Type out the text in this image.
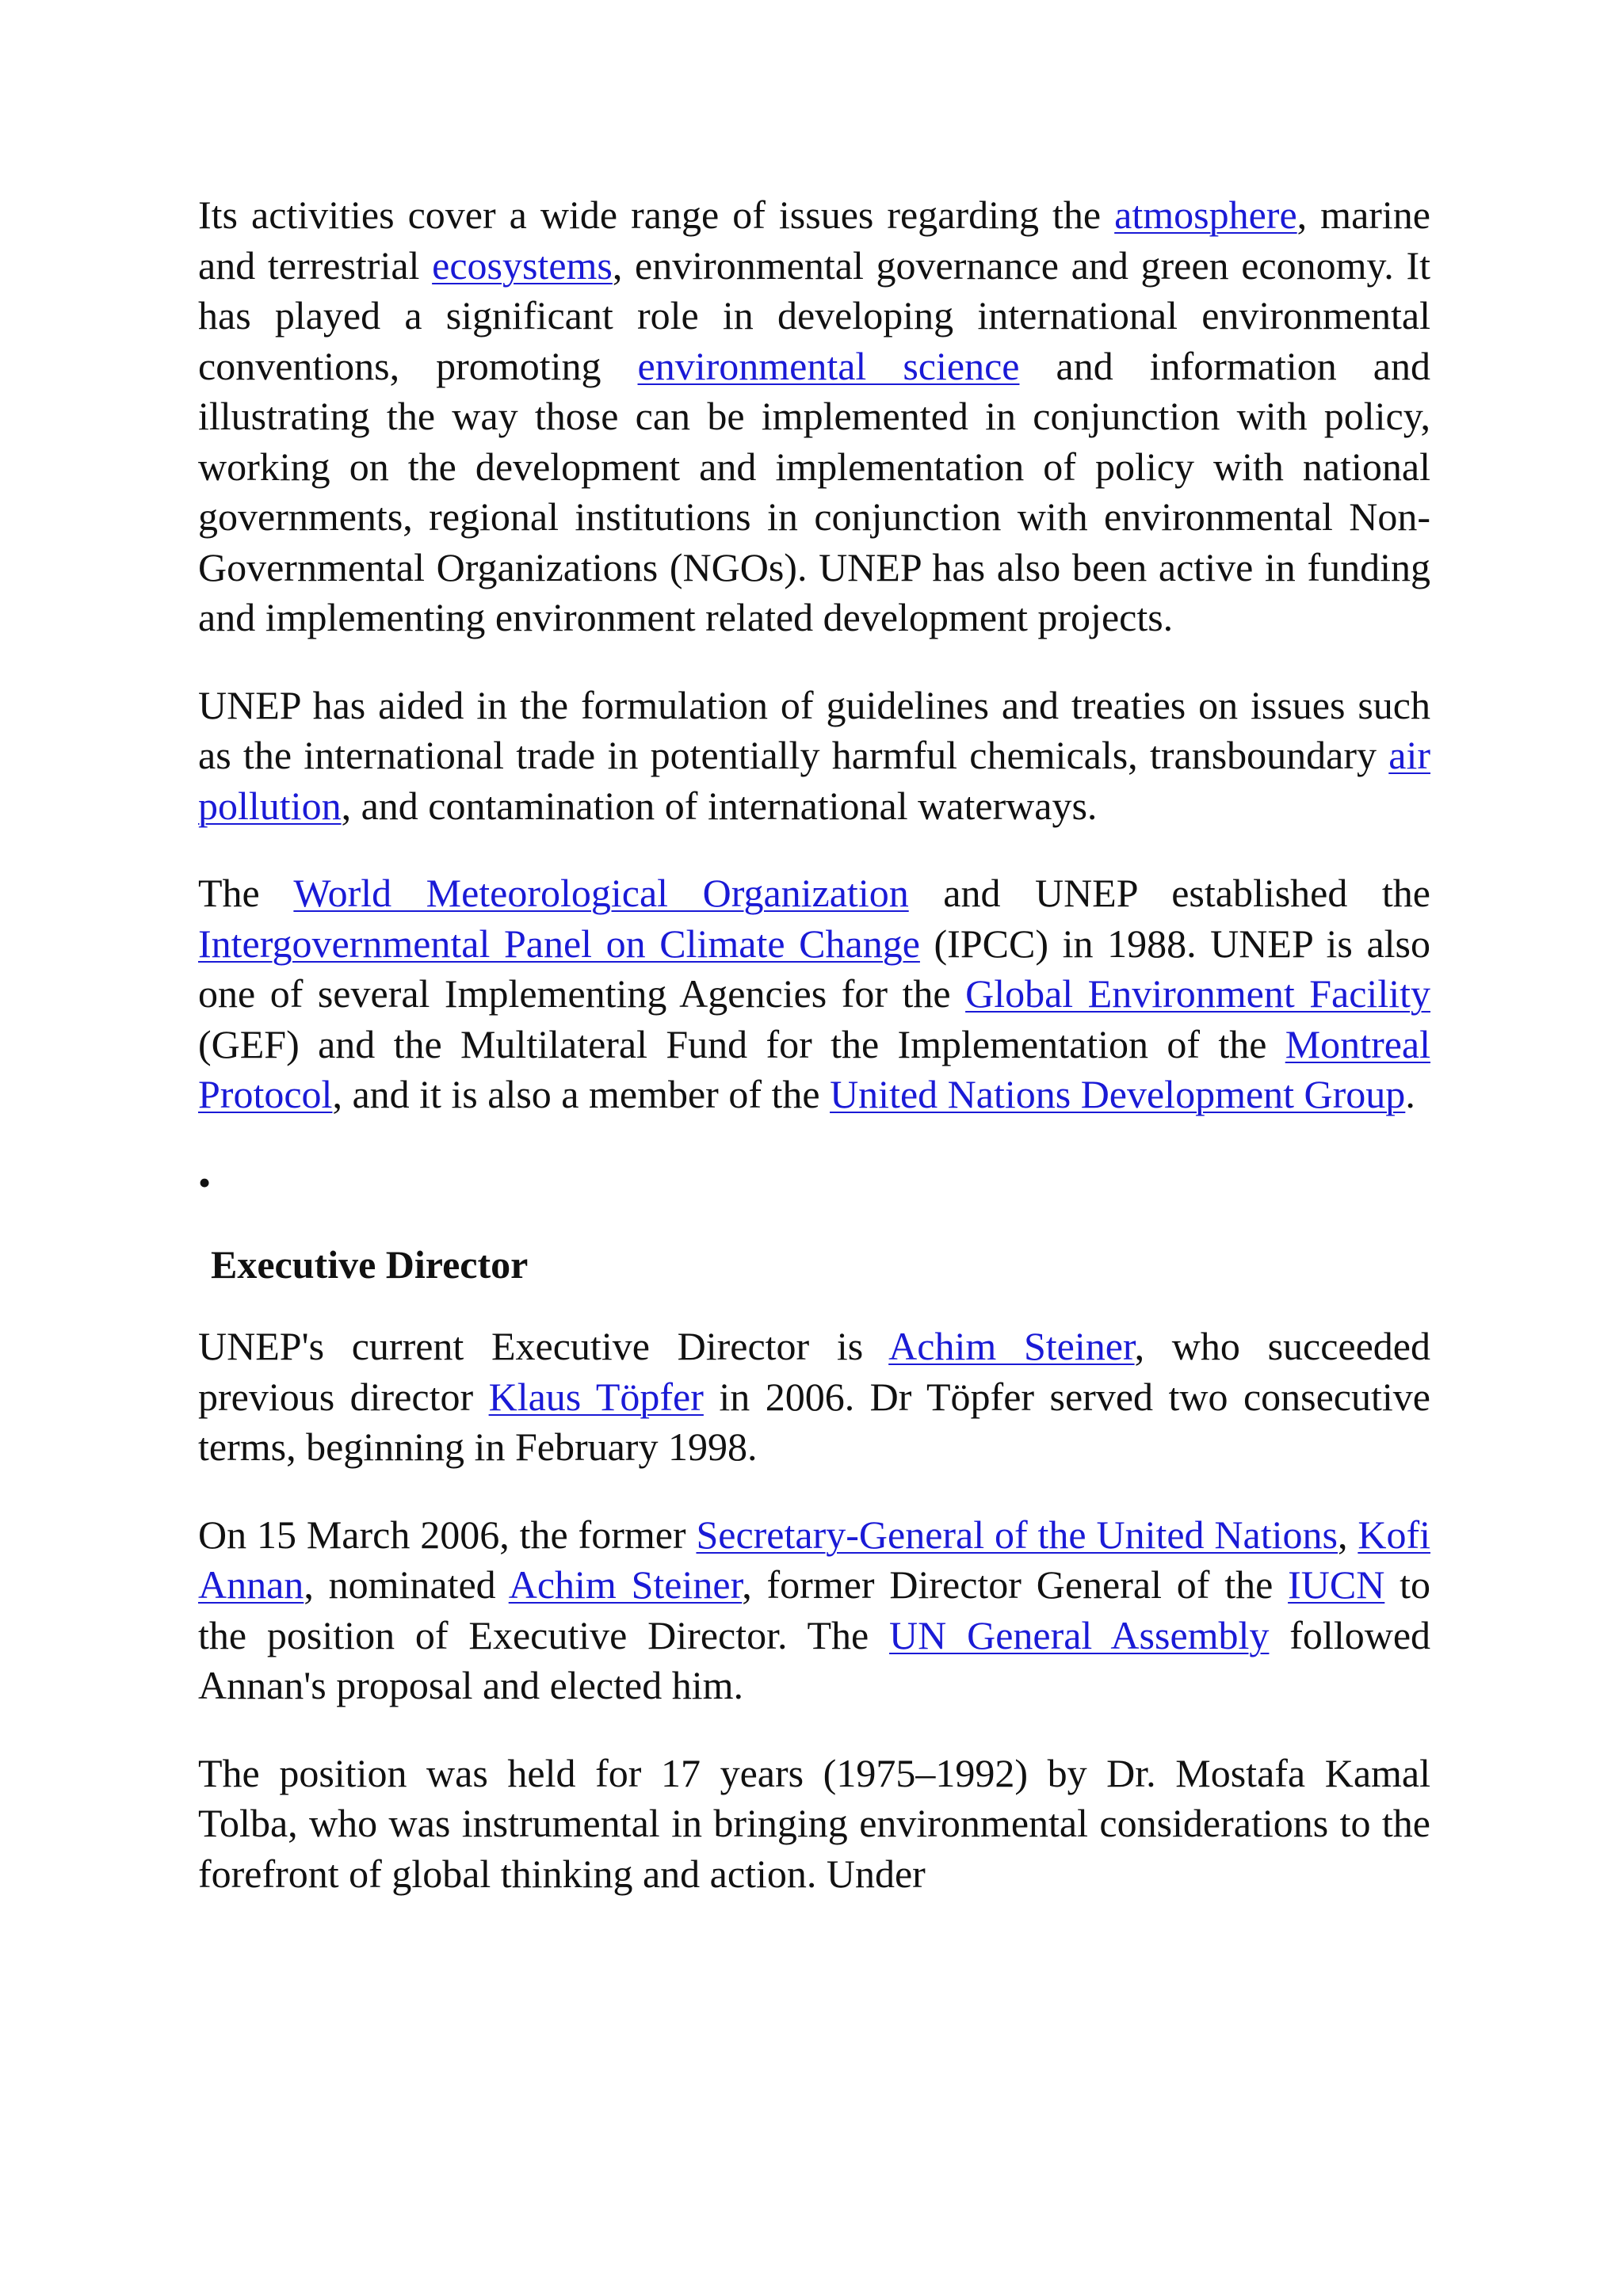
Its activities cover a wide range of issues regarding the atmosphere, marine and terrestrial ecosystems, environmental governance and green economy. It has played a significant role in developing international environmental conventions, promoting environmental science and information and illustrating the way those can be implemented in conjunction with policy, working on the development and implementation of policy with national governments, regional institutions in conjunction with environmental Non-Governmental Organizations (NGOs). UNEP has also been active in funding and implementing environment related development projects.

UNEP has aided in the formulation of guidelines and treaties on issues such as the international trade in potentially harmful chemicals, transboundary air pollution, and contamination of international waterways.

The World Meteorological Organization and UNEP established the Intergovernmental Panel on Climate Change (IPCC) in 1988. UNEP is also one of several Implementing Agencies for the Global Environment Facility (GEF) and the Multilateral Fund for the Implementation of the Montreal Protocol, and it is also a member of the United Nations Development Group.

•
Executive Director

UNEP's current Executive Director is Achim Steiner, who succeeded previous director Klaus Töpfer in 2006. Dr Töpfer served two consecutive terms, beginning in February 1998.

On 15 March 2006, the former Secretary-General of the United Nations, Kofi Annan, nominated Achim Steiner, former Director General of the IUCN to the position of Executive Director. The UN General Assembly followed Annan's proposal and elected him.

The position was held for 17 years (1975–1992) by Dr. Mostafa Kamal Tolba, who was instrumental in bringing environmental considerations to the forefront of global thinking and action. Under
